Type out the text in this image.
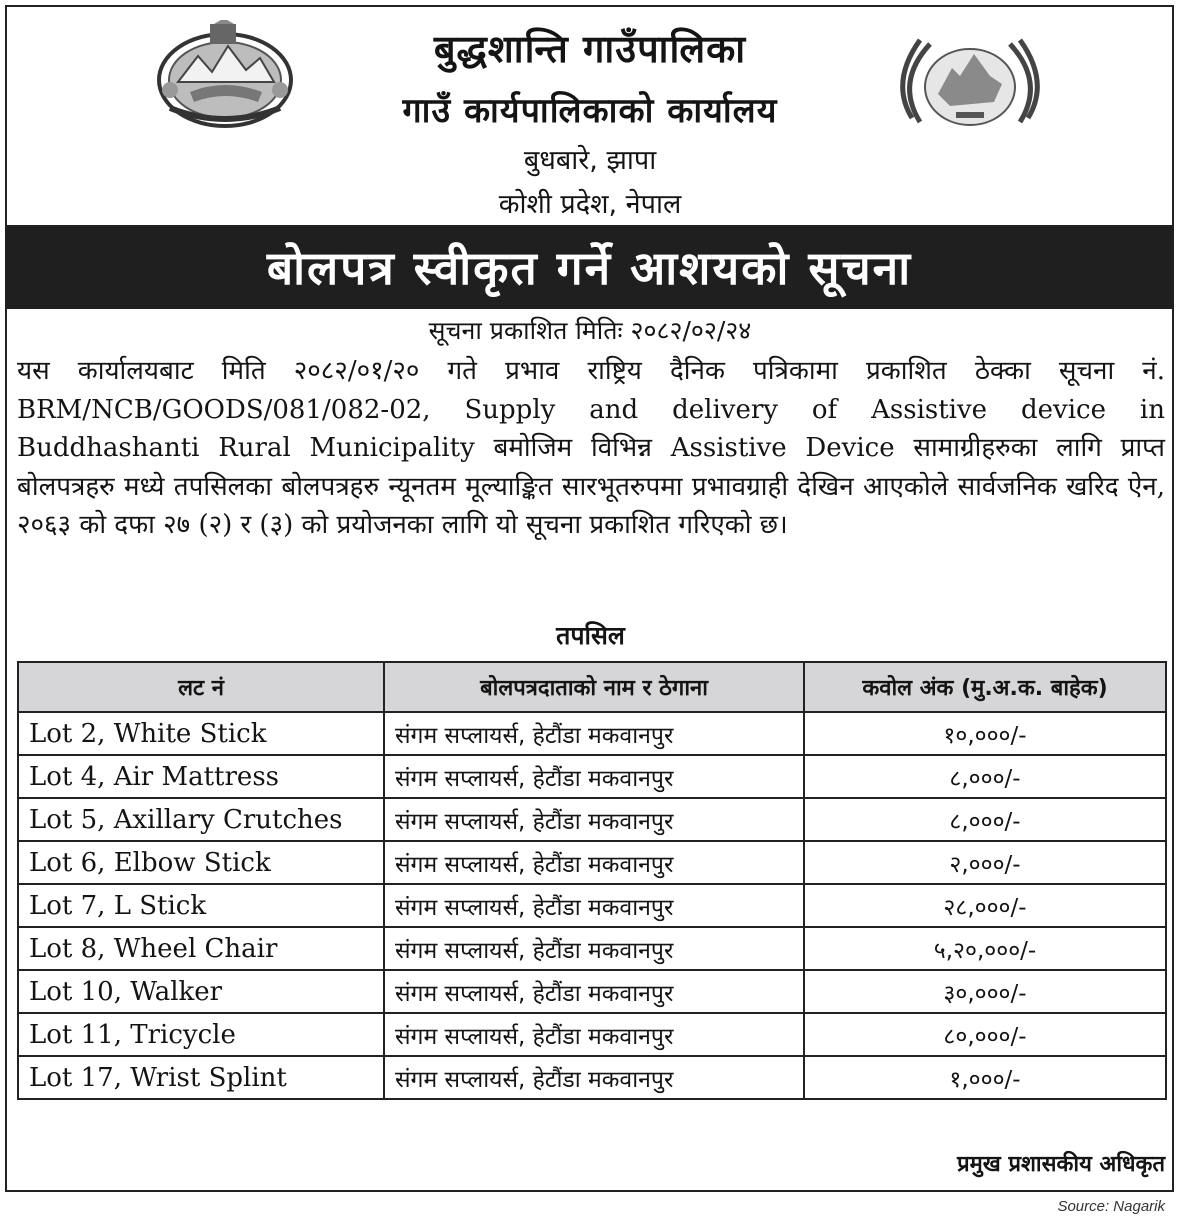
बुद्धशान्ति गाउँपालिका
गाउँ कार्यपालिकाको कार्यालय
बुधबारे, झापा
कोशी प्रदेश, नेपाल
बोलपत्र स्वीकृत गर्ने आशयको सूचना
सूचना प्रकाशित मितिः २०८२/०२/२४

यस कार्यालयबाट मिति २०८२/०१/२० गते प्रभाव राष्ट्रिय दैनिक पत्रिकामा प्रकाशित ठेक्का सूचना नं. BRM/NCB/GOODS/081/082-02, Supply and delivery of Assistive device in Buddhashanti Rural Municipality बमोजिम विभिन्न Assistive Device सामाग्रीहरुका लागि प्राप्त बोलपत्रहरु मध्ये तपसिलका बोलपत्रहरु न्यूनतम मूल्याङ्कित सारभूतरुपमा प्रभावग्राही देखिन आएकोले सार्वजनिक खरिद ऐन, २०६३ को दफा २७ (२) र (३) को प्रयोजनका लागि यो सूचना प्रकाशित गरिएको छ।

तपसिल
लट नं	बोलपत्रदाताको नाम र ठेगाना	कवोल अंक (मु.अ.क. बाहेक)
Lot 2, White Stick	संगम सप्लायर्स, हेटौंडा मकवानपुर	१०,०००/-
Lot 4, Air Mattress	संगम सप्लायर्स, हेटौंडा मकवानपुर	८,०००/-
Lot 5, Axillary Crutches	संगम सप्लायर्स, हेटौंडा मकवानपुर	८,०००/-
Lot 6, Elbow Stick	संगम सप्लायर्स, हेटौंडा मकवानपुर	२,०००/-
Lot 7, L Stick	संगम सप्लायर्स, हेटौंडा मकवानपुर	२८,०००/-
Lot 8, Wheel Chair	संगम सप्लायर्स, हेटौंडा मकवानपुर	५,२०,०००/-
Lot 10, Walker	संगम सप्लायर्स, हेटौंडा मकवानपुर	३०,०००/-
Lot 11, Tricycle	संगम सप्लायर्स, हेटौंडा मकवानपुर	८०,०००/-
Lot 17, Wrist Splint	संगम सप्लायर्स, हेटौंडा मकवानपुर	१,०००/-
प्रमुख प्रशासकीय अधिकृत
Source: Nagarik
